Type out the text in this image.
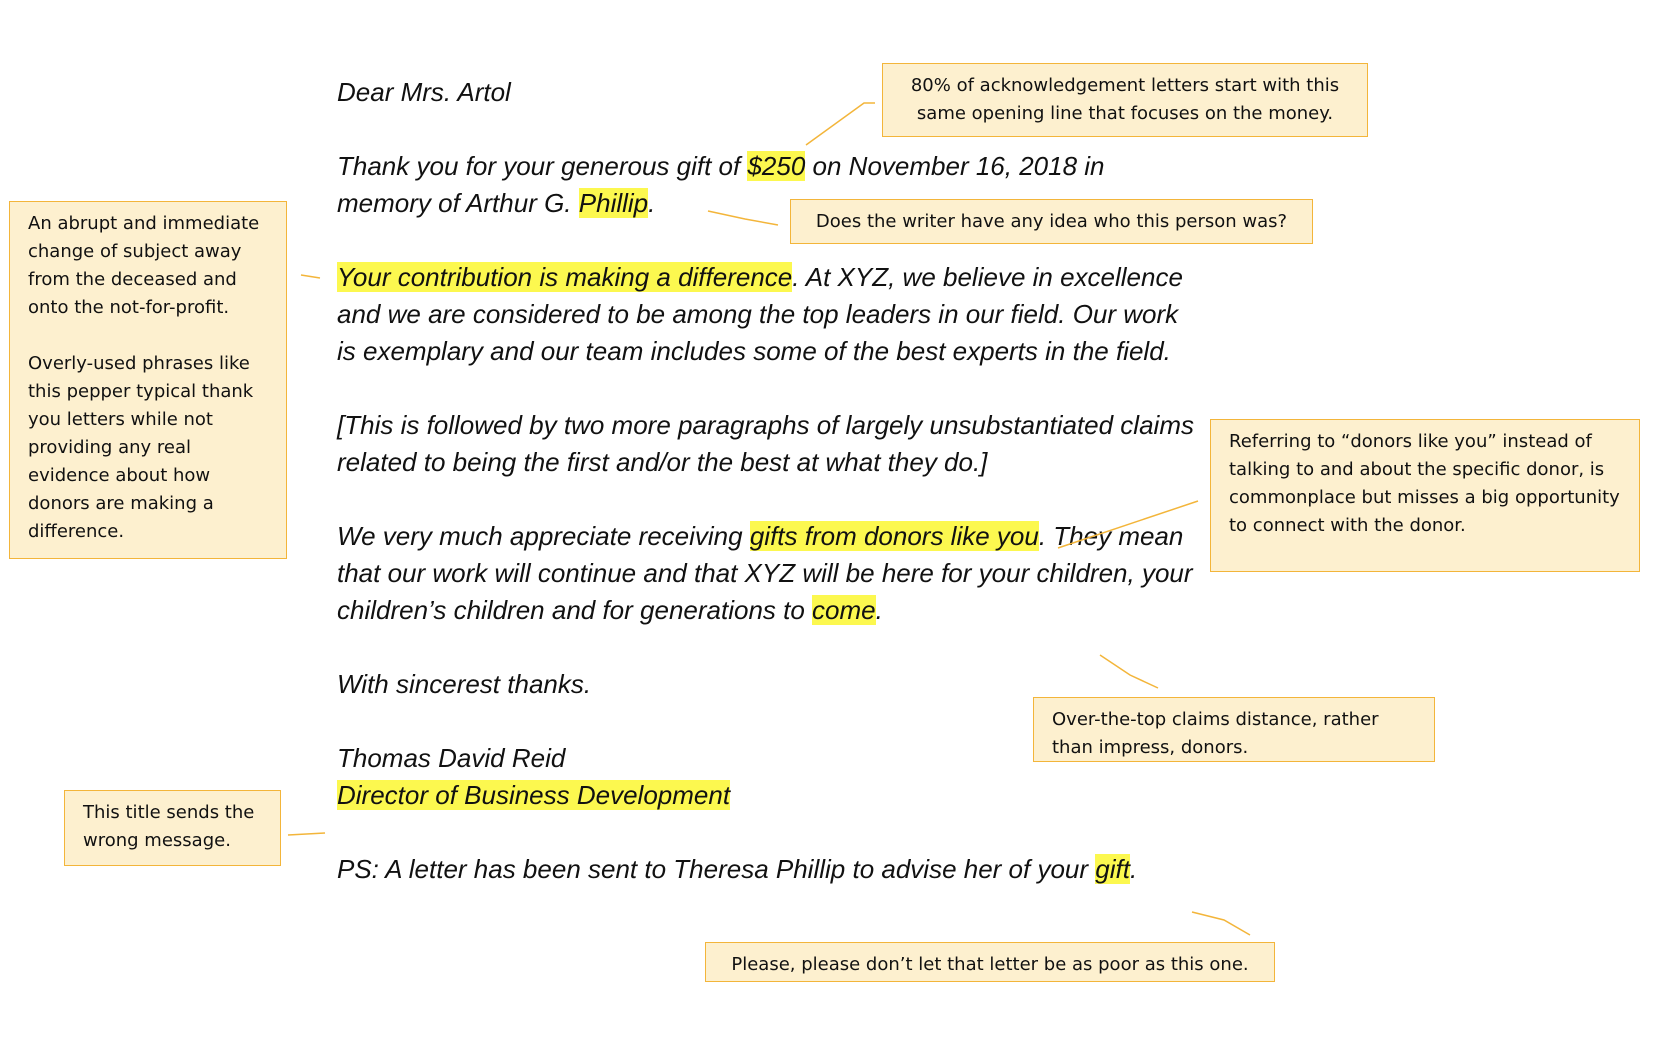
Dear Mrs. Artol

Thank you for your generous gift of $250 on November 16, 2018 in memory of Arthur G. Phillip.

Your contribution is making a difference. At XYZ, we believe in excellence and we are considered to be among the top leaders in our field. Our work is exemplary and our team includes some of the best experts in the field.

[This is followed by two more paragraphs of largely unsubstantiated claims related to being the first and/or the best at what they do.]

We very much appreciate receiving gifts from donors like you. They mean that our work will continue and that XYZ will be here for your children, your children’s children and for generations to come.

With sincerest thanks.

Thomas David Reid

Director of Business Development

PS: A letter has been sent to Theresa Phillip to advise her of your gift.

80% of acknowledgement letters start with this same opening line that focuses on the money.

Does the writer have any idea who this person was?

An abrupt and immediate change of subject away from the deceased and onto the not-for-profit.

Overly-used phrases like this pepper typical thank you letters while not providing any real evidence about how donors are making a difference.

Referring to “donors like you” instead of talking to and about the specific donor, is commonplace but misses a big opportunity to connect with the donor.

Over-the-top claims distance, rather than impress, donors.

This title sends the wrong message.

Please, please don’t let that letter be as poor as this one.
